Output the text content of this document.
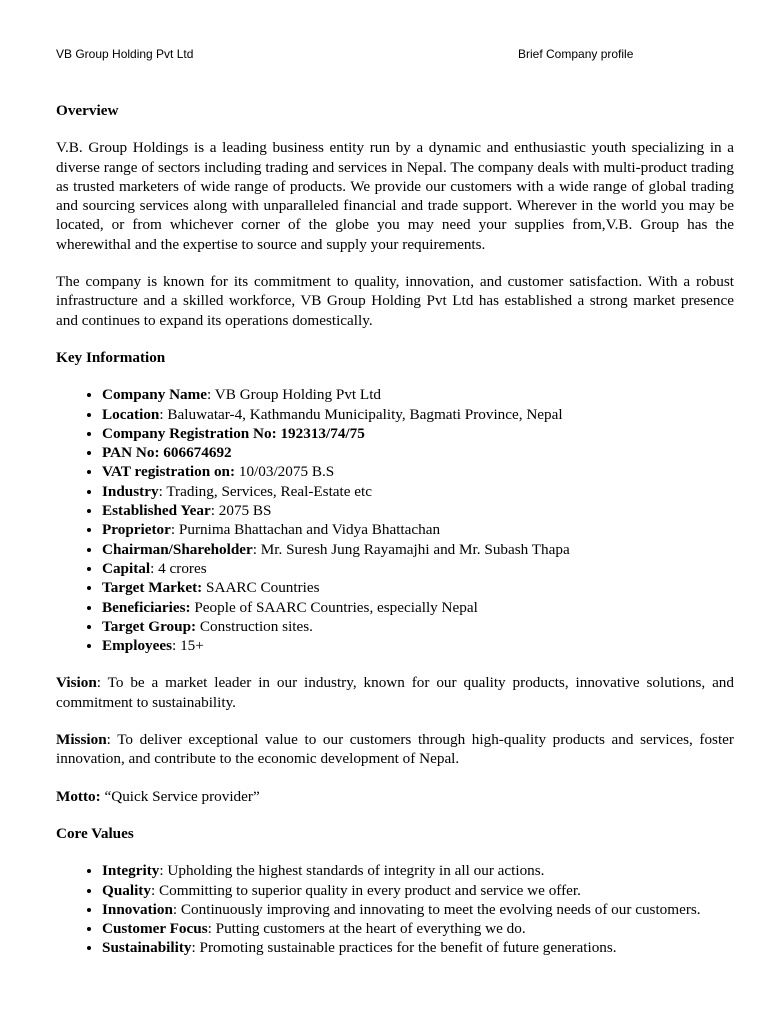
VB Group Holding Pvt Ltd	Brief Company profile
Overview

V.B. Group Holdings is a leading business entity run by a dynamic and enthusiastic youth specializing in a diverse range of sectors including trading and services in Nepal. The company deals with multi-product trading as trusted marketers of wide range of products. We provide our customers with a wide range of global trading and sourcing services along with unparalleled financial and trade support. Wherever in the world you may be located, or from whichever corner of the globe you may need your supplies from,V.B. Group has the wherewithal and the expertise to source and supply your requirements.

The company is known for its commitment to quality, innovation, and customer satisfaction. With a robust infrastructure and a skilled workforce, VB Group Holding Pvt Ltd has established a strong market presence and continues to expand its operations domestically.

Key Information
• Company Name: VB Group Holding Pvt Ltd
• Location: Baluwatar-4, Kathmandu Municipality, Bagmati Province, Nepal
• Company Registration No: 192313/74/75
• PAN No: 606674692
• VAT registration on: 10/03/2075 B.S
• Industry: Trading, Services, Real-Estate etc
• Established Year: 2075 BS
• Proprietor: Purnima Bhattachan and Vidya Bhattachan
• Chairman/Shareholder: Mr. Suresh Jung Rayamajhi and Mr. Subash Thapa
• Capital: 4 crores
• Target Market: SAARC Countries
• Beneficiaries: People of SAARC Countries, especially Nepal
• Target Group: Construction sites.
• Employees: 15+

Vision: To be a market leader in our industry, known for our quality products, innovative solutions, and commitment to sustainability.

Mission: To deliver exceptional value to our customers through high-quality products and services, foster innovation, and contribute to the economic development of Nepal.

Motto: “Quick Service provider”

Core Values
• Integrity: Upholding the highest standards of integrity in all our actions.
• Quality: Committing to superior quality in every product and service we offer.
• Innovation: Continuously improving and innovating to meet the evolving needs of our customers.
• Customer Focus: Putting customers at the heart of everything we do.
• Sustainability: Promoting sustainable practices for the benefit of future generations.
